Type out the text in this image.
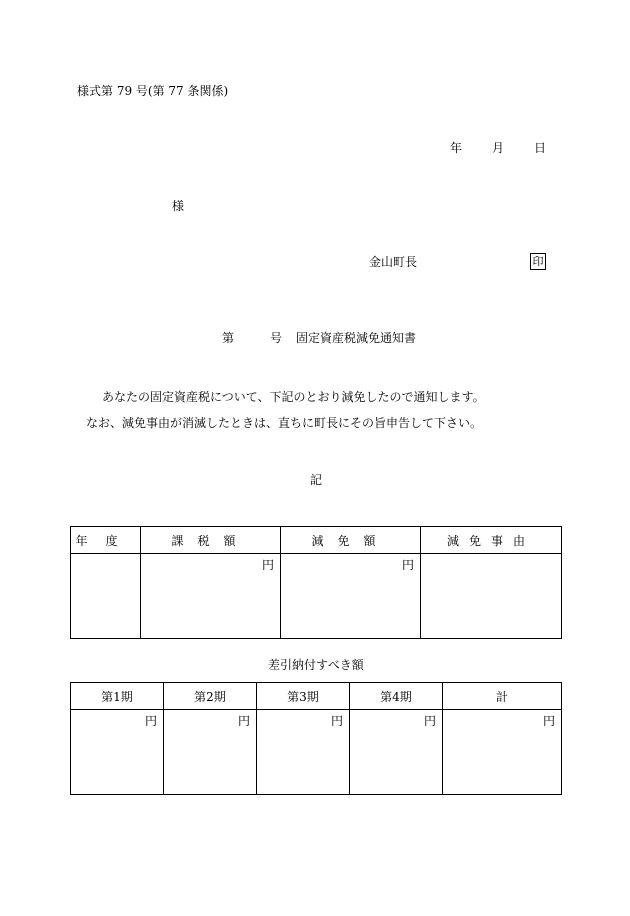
様式第 79 号(第 77 条関係)
年	月	日
様
金山町長	印
第	号 固定資産税減免通知書
あなたの固定資産税について、下記のとおり減免したので通知します。
なお、減免事由が消滅したときは、直ちに町長にその旨申告して下さい。
記
年度	課税額	減免額	減免事由
	円	円	
差引納付すべき額
第1期	第2期	第3期	第4期	計
円	円	円	円	円
